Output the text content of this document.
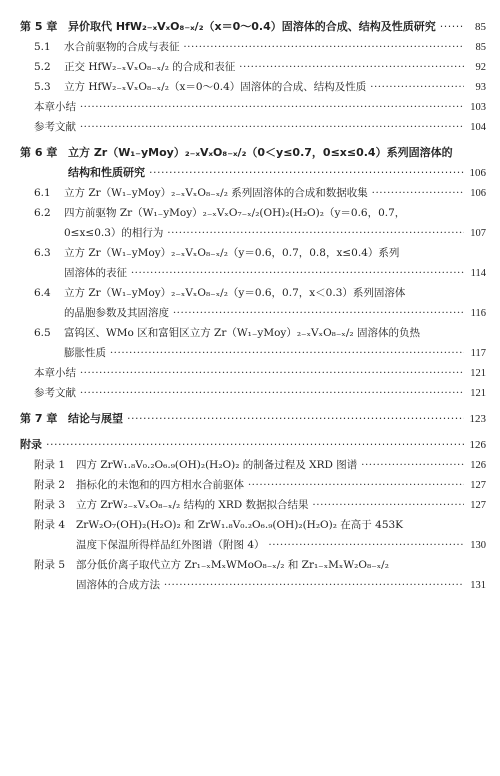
第 5 章 异价取代 HfW₂₋ₓVₓO₈₋ₓ/₂（x＝0～0.4）固溶体的合成、结构及性质研究 ·····	85
5.1	水合前驱物的合成与表征 ·····	85
5.2	正交 HfW₂₋ₓVₓO₈₋ₓ/₂ 的合成和表征 ·····	92
5.3	立方 HfW₂₋ₓVₓO₈₋ₓ/₂（x＝0～0.4）固溶体的合成、结构及性质 ·····	93
本章小结 ·····	103
参考文献 ·····	104
第 6 章 立方 Zr（W₁₋yMoy）₂₋ₓVₓO₈₋ₓ/₂（0＜y≤0.7，0≤x≤0.4）系列固溶体的
结构和性质研究 ·····	106
6.1	立方 Zr（W₁₋yMoy）₂₋ₓVₓO₈₋ₓ/₂ 系列固溶体的合成和数据收集 ·····	106
6.2	四方前驱物 Zr（W₁₋yMoy）₂₋ₓVₓO₇₋ₓ/₂(OH)₂(H₂O)₂（y＝0.6，0.7，
0≤x≤0.3）的相行为 ·····	107
6.3	立方 Zr（W₁₋yMoy）₂₋ₓVₓO₈₋ₓ/₂（y＝0.6，0.7，0.8，x≤0.4）系列
固溶体的表征 ·····	114
6.4	立方 Zr（W₁₋yMoy）₂₋ₓVₓO₈₋ₓ/₂（y＝0.6，0.7，x＜0.3）系列固溶体
的晶胞参数及其固溶度 ·····	116
6.5	富钨区、WMo 区和富钼区立方 Zr（W₁₋yMoy）₂₋ₓVₓO₈₋ₓ/₂ 固溶体的负热
膨胀性质 ·····	117
本章小结 ·····	121
参考文献 ·····	121
第 7 章 结论与展望 ·····	123
附录 ·····	126
附录 1	四方 ZrW₁.₈V₀.₂O₆.₉(OH)₂(H₂O)₂ 的制备过程及 XRD 图谱 ·····	126
附录 2	指标化的未饱和的四方相水合前驱体 ·····	127
附录 3	立方 ZrW₂₋ₓVₓO₈₋ₓ/₂ 结构的 XRD 数据拟合结果 ·····	127
附录 4	ZrW₂O₇(OH)₂(H₂O)₂ 和 ZrW₁.₈V₀.₂O₆.₉(OH)₂(H₂O)₂ 在高于 453K
温度下保温所得样品红外图谱（附图 4） ·····	130
附录 5	部分低价离子取代立方 Zr₁₋ₓMₓWMoO₈₋ₓ/₂ 和 Zr₁₋ₓMₓW₂O₈₋ₓ/₂
固溶体的合成方法 ·····	131
